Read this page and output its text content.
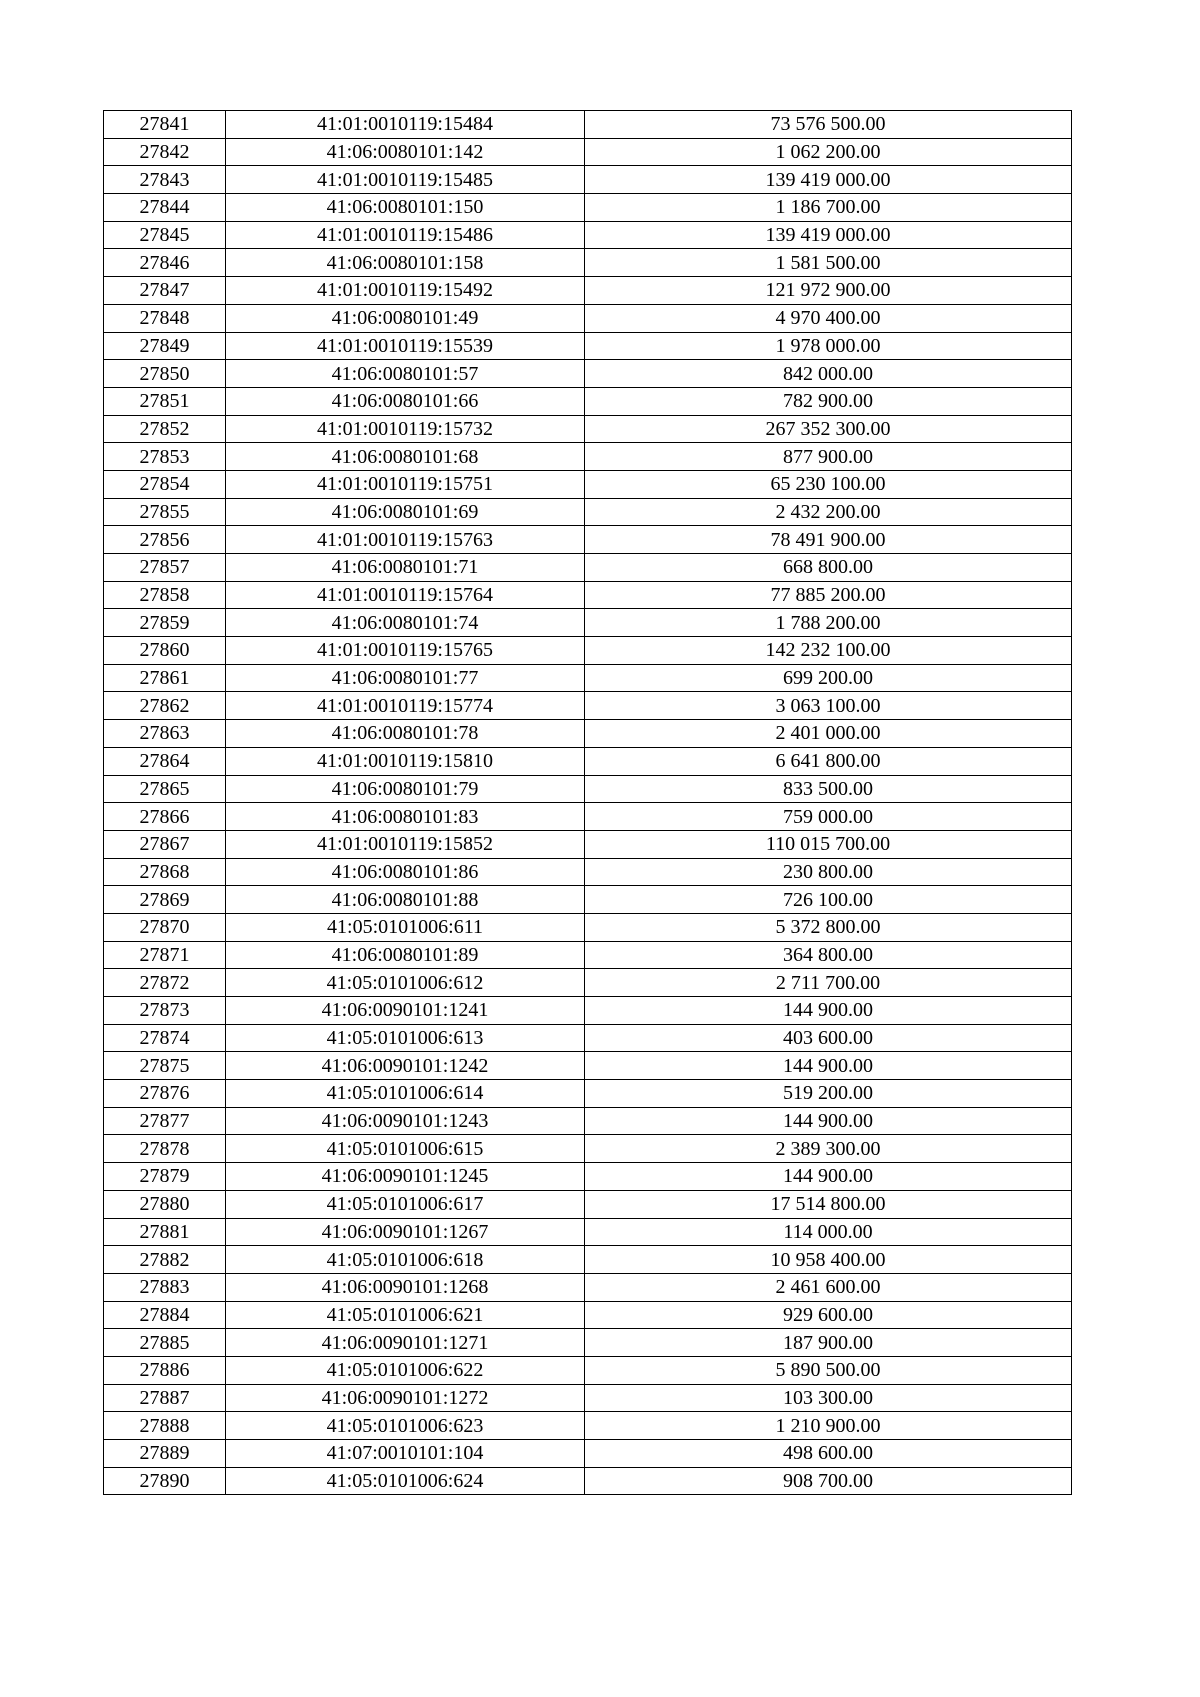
27841	41:01:0010119:15484	73 576 500.00
27842	41:06:0080101:142	1 062 200.00
27843	41:01:0010119:15485	139 419 000.00
27844	41:06:0080101:150	1 186 700.00
27845	41:01:0010119:15486	139 419 000.00
27846	41:06:0080101:158	1 581 500.00
27847	41:01:0010119:15492	121 972 900.00
27848	41:06:0080101:49	4 970 400.00
27849	41:01:0010119:15539	1 978 000.00
27850	41:06:0080101:57	842 000.00
27851	41:06:0080101:66	782 900.00
27852	41:01:0010119:15732	267 352 300.00
27853	41:06:0080101:68	877 900.00
27854	41:01:0010119:15751	65 230 100.00
27855	41:06:0080101:69	2 432 200.00
27856	41:01:0010119:15763	78 491 900.00
27857	41:06:0080101:71	668 800.00
27858	41:01:0010119:15764	77 885 200.00
27859	41:06:0080101:74	1 788 200.00
27860	41:01:0010119:15765	142 232 100.00
27861	41:06:0080101:77	699 200.00
27862	41:01:0010119:15774	3 063 100.00
27863	41:06:0080101:78	2 401 000.00
27864	41:01:0010119:15810	6 641 800.00
27865	41:06:0080101:79	833 500.00
27866	41:06:0080101:83	759 000.00
27867	41:01:0010119:15852	110 015 700.00
27868	41:06:0080101:86	230 800.00
27869	41:06:0080101:88	726 100.00
27870	41:05:0101006:611	5 372 800.00
27871	41:06:0080101:89	364 800.00
27872	41:05:0101006:612	2 711 700.00
27873	41:06:0090101:1241	144 900.00
27874	41:05:0101006:613	403 600.00
27875	41:06:0090101:1242	144 900.00
27876	41:05:0101006:614	519 200.00
27877	41:06:0090101:1243	144 900.00
27878	41:05:0101006:615	2 389 300.00
27879	41:06:0090101:1245	144 900.00
27880	41:05:0101006:617	17 514 800.00
27881	41:06:0090101:1267	114 000.00
27882	41:05:0101006:618	10 958 400.00
27883	41:06:0090101:1268	2 461 600.00
27884	41:05:0101006:621	929 600.00
27885	41:06:0090101:1271	187 900.00
27886	41:05:0101006:622	5 890 500.00
27887	41:06:0090101:1272	103 300.00
27888	41:05:0101006:623	1 210 900.00
27889	41:07:0010101:104	498 600.00
27890	41:05:0101006:624	908 700.00
